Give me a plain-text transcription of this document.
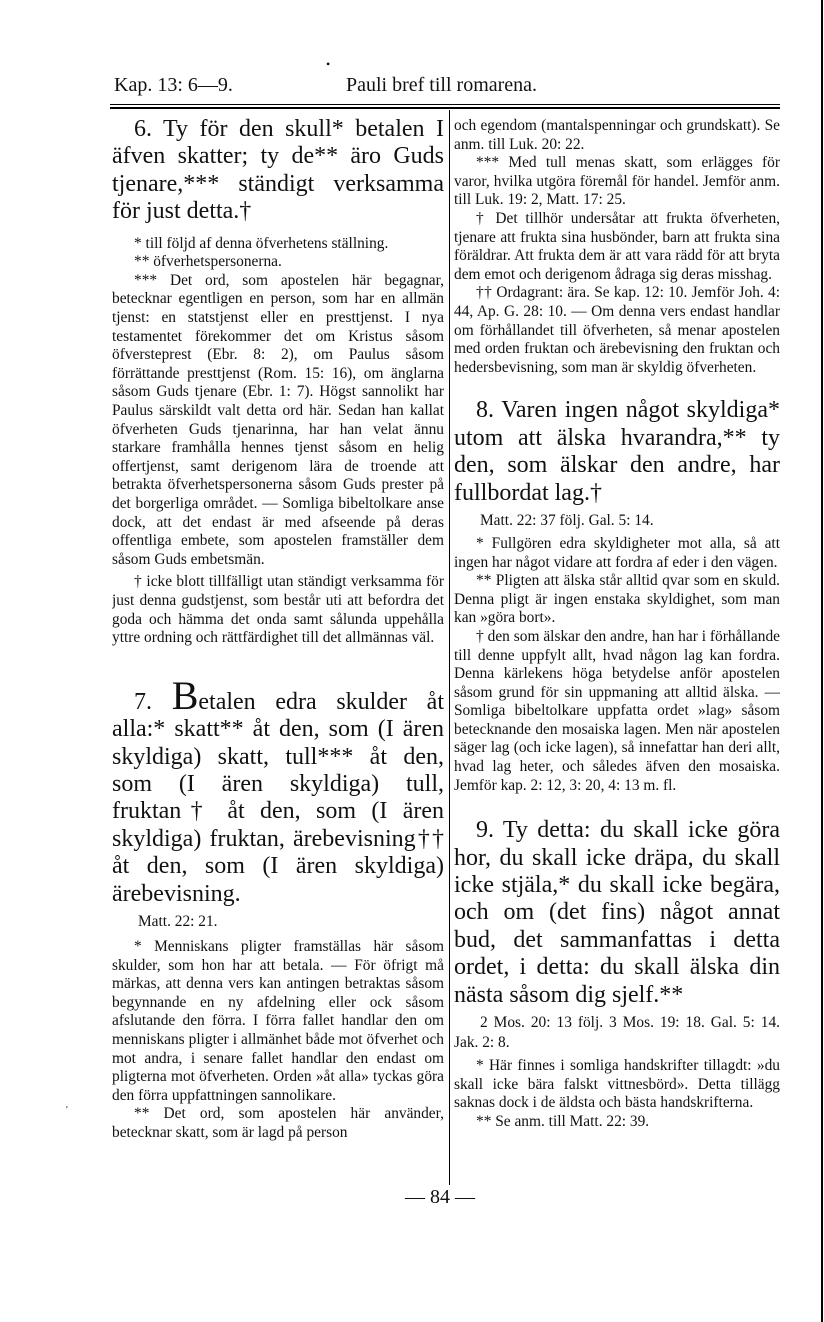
•
'
Kap. 13: 6—9.	Pauli bref till romarena.

6. Ty för den skull* betalen I äfven skatter; ty de** äro Guds tjenare,*** ständigt verksamma för just detta.†

* till följd af denna öfverhetens ställning.

** öfverhetspersonerna.

*** Det ord, som apostelen här begagnar, betecknar egentligen en person, som har en allmän tjenst: en statstjenst eller en presttjenst. I nya testamentet förekommer det om Kristus såsom öfversteprest (Ebr. 8: 2), om Paulus såsom förrättande presttjenst (Rom. 15: 16), om änglarna såsom Guds tjenare (Ebr. 1: 7). Högst sannolikt har Paulus särskildt valt detta ord här. Sedan han kallat öfverheten Guds tjenarinna, har han velat ännu starkare framhålla hennes tjenst såsom en helig offertjenst, samt derigenom lära de troende att betrakta öfverhetspersonerna såsom Guds prester på det borgerliga området. — Somliga bibeltolkare anse dock, att det endast är med afseende på deras offentliga embete, som apostelen framställer dem såsom Guds embetsmän.

† icke blott tillfälligt utan ständigt verksamma för just denna gudstjenst, som består uti att befordra det goda och hämma det onda samt sålunda uppehålla yttre ordning och rättfärdighet till det allmännas väl.

7. Betalen edra skulder åt alla:* skatt** åt den, som (I ären skyldiga) skatt, tull*** åt den, som (I ären skyldiga) tull, fruktan† åt den, som (I ären skyldiga) fruktan, ärebevisning†† åt den, som (I ären skyldiga) ärebevisning.

Matt. 22: 21.

* Menniskans pligter framställas här såsom skulder, som hon har att betala. — För öfrigt må märkas, att denna vers kan antingen betraktas såsom begynnande en ny afdelning eller ock såsom afslutande den förra. I förra fallet handlar den om menniskans pligter i allmänhet både mot öfverhet och mot andra, i senare fallet handlar den endast om pligterna mot öfverheten. Orden »åt alla» tyckas göra den förra uppfattningen sannolikare.

** Det ord, som apostelen här använder, betecknar skatt, som är lagd på person

och egendom (mantalspenningar och grundskatt). Se anm. till Luk. 20: 22.

*** Med tull menas skatt, som erlägges för varor, hvilka utgöra föremål för handel. Jemför anm. till Luk. 19: 2, Matt. 17: 25.

† Det tillhör undersåtar att frukta öfverheten, tjenare att frukta sina husbönder, barn att frukta sina föräldrar. Att frukta dem är att vara rädd för att bryta dem emot och derigenom ådraga sig deras misshag.

†† Ordagrant: ära. Se kap. 12: 10. Jemför Joh. 4: 44, Ap. G. 28: 10. — Om denna vers endast handlar om förhållandet till öfverheten, så menar apostelen med orden fruktan och ärebevisning den fruktan och hedersbevisning, som man är skyldig öfverheten.

8. Varen ingen något skyldiga* utom att älska hvarandra,** ty den, som älskar den andre, har fullbordat lag.†

Matt. 22: 37 följ. Gal. 5: 14.

* Fullgören edra skyldigheter mot alla, så att ingen har något vidare att fordra af eder i den vägen.

** Pligten att älska står alltid qvar som en skuld. Denna pligt är ingen enstaka skyldighet, som man kan »göra bort».

† den som älskar den andre, han har i förhållande till denne uppfylt allt, hvad någon lag kan fordra. Denna kärlekens höga betydelse anför apostelen såsom grund för sin uppmaning att alltid älska. — Somliga bibeltolkare uppfatta ordet »lag» såsom betecknande den mosaiska lagen. Men när apostelen säger lag (och icke lagen), så innefattar han deri allt, hvad lag heter, och således äfven den mosaiska. Jemför kap. 2: 12, 3: 20, 4: 13 m. fl.

9. Ty detta: du skall icke göra hor, du skall icke dräpa, du skall icke stjäla,* du skall icke begära, och om (det fins) något annat bud, det sammanfattas i detta ordet, i detta: du skall älska din nästa såsom dig sjelf.**

2 Mos. 20: 13 följ. 3 Mos. 19: 18. Gal. 5: 14. Jak. 2: 8.

* Här finnes i somliga handskrifter tillagdt: »du skall icke bära falskt vittnesbörd». Detta tillägg saknas dock i de äldsta och bästa handskrifterna.

** Se anm. till Matt. 22: 39.

— 84 —
